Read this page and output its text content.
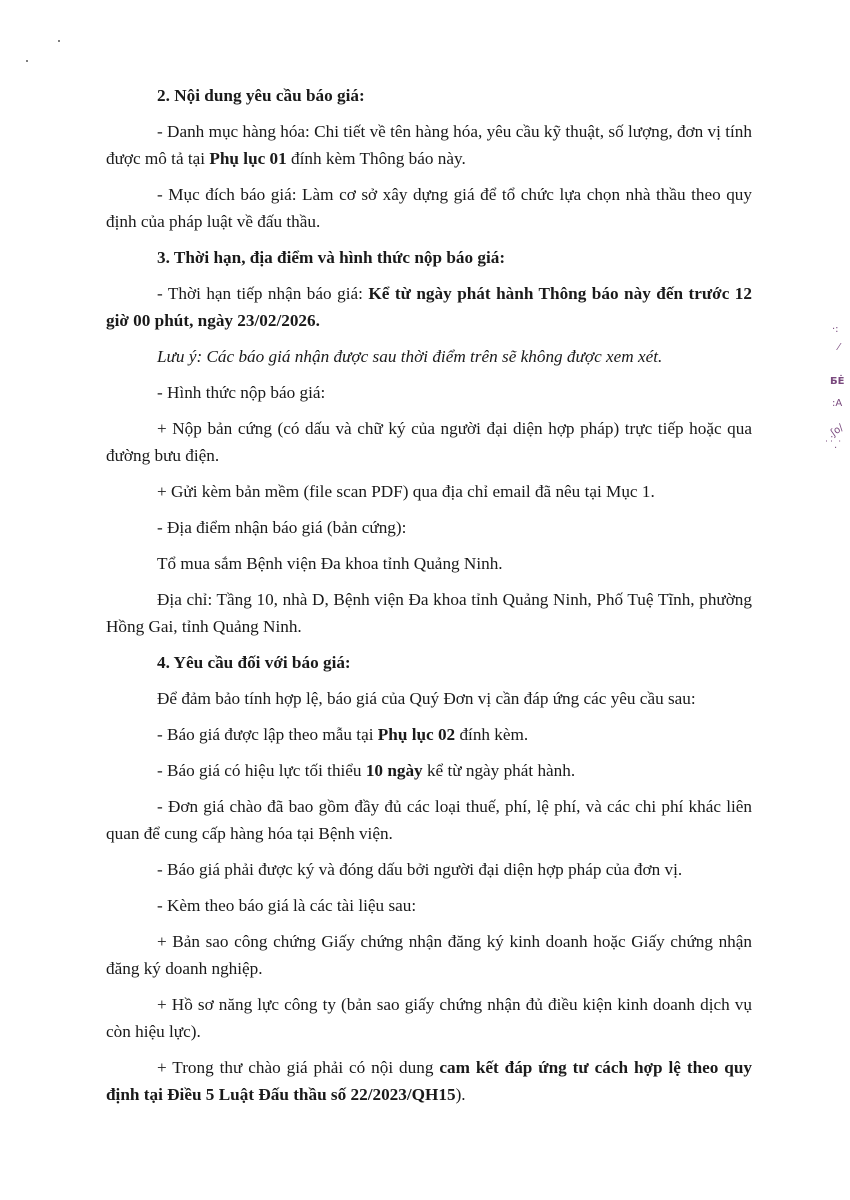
·:
⁄
ƂĖ
:A
.ʃo/
˙˙.˙

2. Nội dung yêu cầu báo giá:

- Danh mục hàng hóa: Chi tiết về tên hàng hóa, yêu cầu kỹ thuật, số lượng, đơn vị tính được mô tả tại Phụ lục 01 đính kèm Thông báo này.

- Mục đích báo giá: Làm cơ sở xây dựng giá để tổ chức lựa chọn nhà thầu theo quy định của pháp luật về đấu thầu.

3. Thời hạn, địa điểm và hình thức nộp báo giá:

- Thời hạn tiếp nhận báo giá: Kể từ ngày phát hành Thông báo này đến trước 12 giờ 00 phút, ngày 23/02/2026.

Lưu ý: Các báo giá nhận được sau thời điểm trên sẽ không được xem xét.

- Hình thức nộp báo giá:

+ Nộp bản cứng (có dấu và chữ ký của người đại diện hợp pháp) trực tiếp hoặc qua đường bưu điện.

+ Gửi kèm bản mềm (file scan PDF) qua địa chỉ email đã nêu tại Mục 1.

- Địa điểm nhận báo giá (bản cứng):

Tổ mua sắm Bệnh viện Đa khoa tỉnh Quảng Ninh.

Địa chỉ: Tầng 10, nhà D, Bệnh viện Đa khoa tỉnh Quảng Ninh, Phố Tuệ Tĩnh, phường Hồng Gai, tỉnh Quảng Ninh.

4. Yêu cầu đối với báo giá:

Để đảm bảo tính hợp lệ, báo giá của Quý Đơn vị cần đáp ứng các yêu cầu sau:

- Báo giá được lập theo mẫu tại Phụ lục 02 đính kèm.

- Báo giá có hiệu lực tối thiểu 10 ngày kể từ ngày phát hành.

- Đơn giá chào đã bao gồm đầy đủ các loại thuế, phí, lệ phí, và các chi phí khác liên quan để cung cấp hàng hóa tại Bệnh viện.

- Báo giá phải được ký và đóng dấu bởi người đại diện hợp pháp của đơn vị.

- Kèm theo báo giá là các tài liệu sau:

+ Bản sao công chứng Giấy chứng nhận đăng ký kinh doanh hoặc Giấy chứng nhận đăng ký doanh nghiệp.

+ Hồ sơ năng lực công ty (bản sao giấy chứng nhận đủ điều kiện kinh doanh dịch vụ còn hiệu lực).

+ Trong thư chào giá phải có nội dung cam kết đáp ứng tư cách hợp lệ theo quy định tại Điều 5 Luật Đấu thầu số 22/2023/QH15).
